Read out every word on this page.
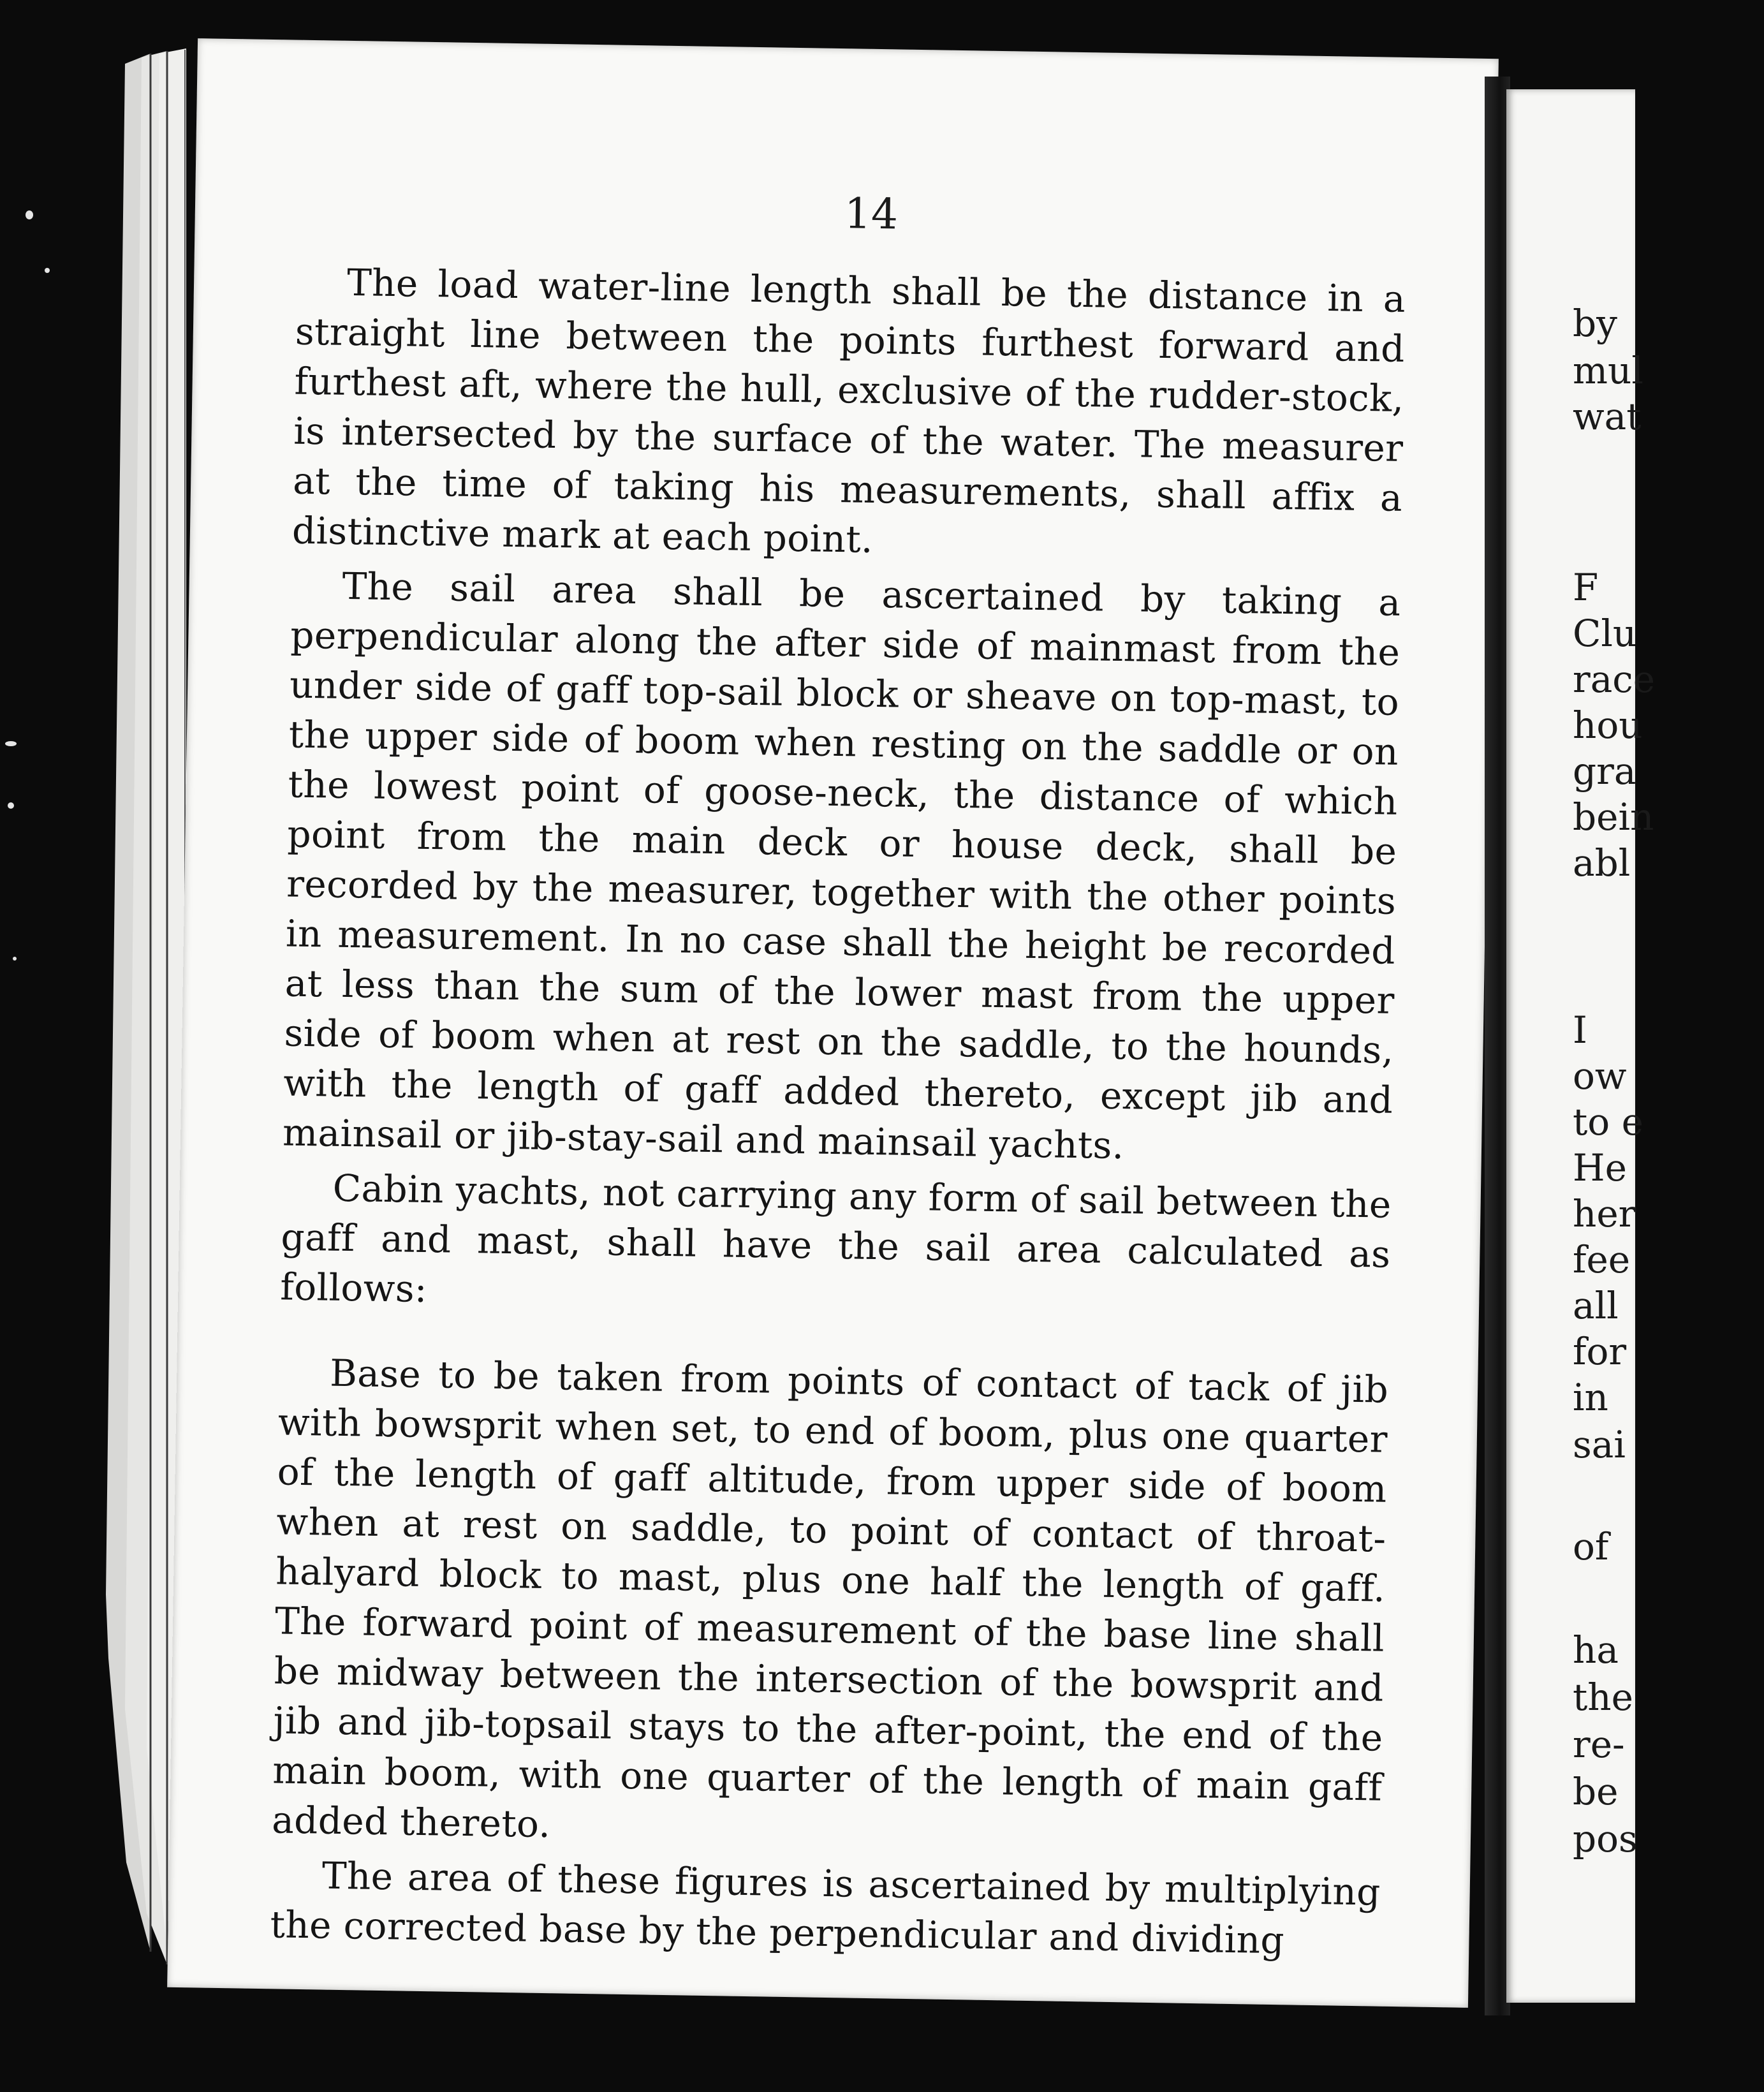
14

The load water-line length shall be the distance in a straight line between the points furthest forward and furthest aft, where the hull, exclusive of the rudder-stock, is intersected by the surface of the water. The measurer at the time of taking his measurements, shall affix a distinctive mark at each point.

The sail area shall be ascertained by taking a perpendicular along the after side of mainmast from the under side of gaff top-sail block or sheave on top-mast, to the upper side of boom when resting on the saddle or on the lowest point of goose-neck, the distance of which point from the main deck or house deck, shall be recorded by the measurer, together with the other points in measurement. In no case shall the height be recorded at less than the sum of the lower mast from the upper side of boom when at rest on the saddle, to the hounds, with the length of gaff added thereto, except jib and mainsail or jib-stay-sail and mainsail yachts.

Cabin yachts, not carrying any form of sail between the gaff and mast, shall have the sail area calculated as follows:

Base to be taken from points of contact of tack of jib with bowsprit when set, to end of boom, plus one quarter of the length of gaff altitude, from upper side of boom when at rest on saddle, to point of contact of throat-halyard block to mast, plus one half the length of gaff. The forward point of measurement of the base line shall be midway between the intersection of the bowsprit and jib and jib-topsail stays to the after-point, the end of the main boom, with one quarter of the length of main gaff added thereto.

The area of these figures is ascertained by multiplying the corrected base by the perpendicular and dividing

by
mul
wat
F
Clu
race
hou
gra
bein
abl
I
ow
to e
He
her
fee
all
for
in
sai
of
ha
the
re-
be
pos
